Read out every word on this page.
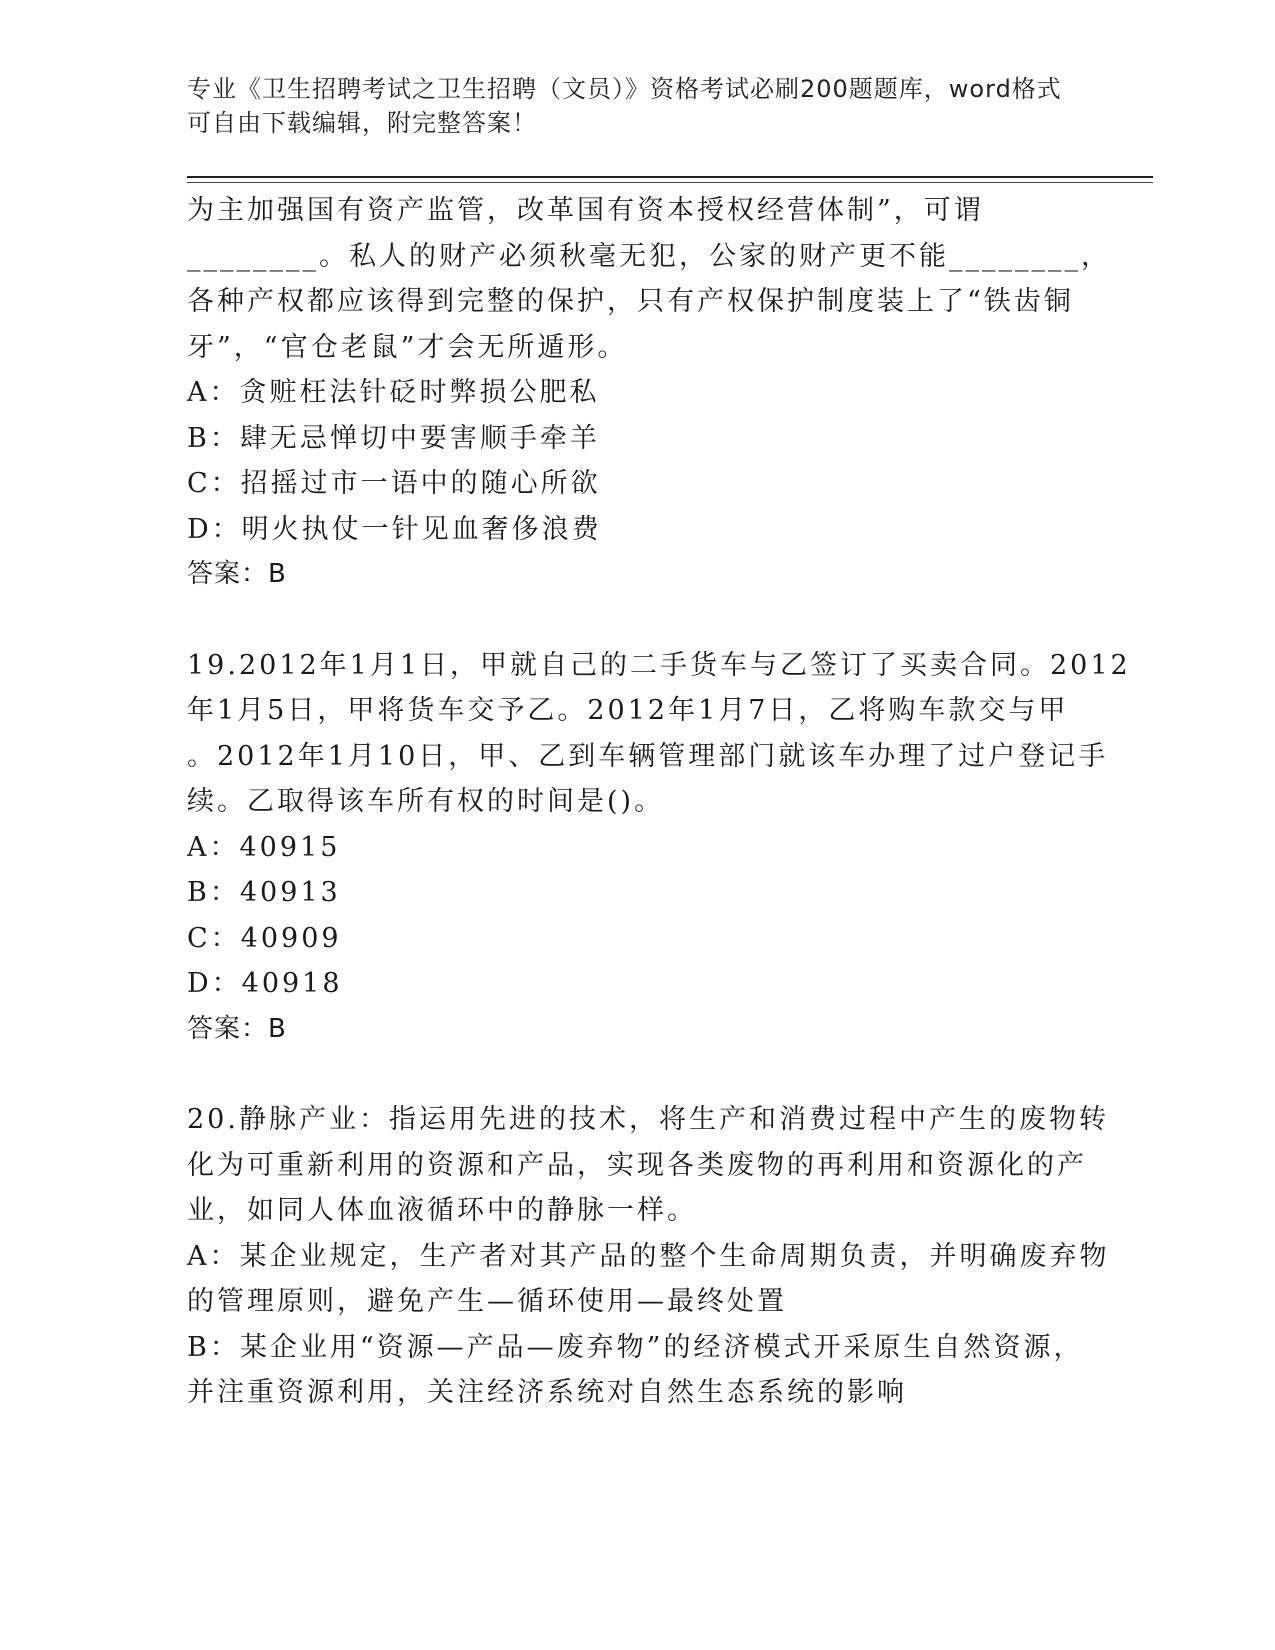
专业《卫生招聘考试之卫生招聘（文员）》资格考试必刷200题题库，word格式
可自由下载编辑，附完整答案！
为主加强国有资产监管，改革国有资本授权经营体制”，可谓
________。私人的财产必须秋毫无犯，公家的财产更不能________，
各种产权都应该得到完整的保护，只有产权保护制度装上了“铁齿铜
牙”，“官仓老鼠”才会无所遁形。
A：贪赃枉法针砭时弊损公肥私
B：肆无忌惮切中要害顺手牵羊
C：招摇过市一语中的随心所欲
D：明火执仗一针见血奢侈浪费
答案：B
19.2012年1月1日，甲就自己的二手货车与乙签订了买卖合同。2012
年1月5日，甲将货车交予乙。2012年1月7日，乙将购车款交与甲
。2012年1月10日，甲、乙到车辆管理部门就该车办理了过户登记手
续。乙取得该车所有权的时间是()。
A：40915
B：40913
C：40909
D：40918
答案：B
20.静脉产业：指运用先进的技术，将生产和消费过程中产生的废物转
化为可重新利用的资源和产品，实现各类废物的再利用和资源化的产
业，如同人体血液循环中的静脉一样。
A：某企业规定，生产者对其产品的整个生命周期负责，并明确废弃物
的管理原则，避免产生—循环使用—最终处置
B：某企业用“资源—产品—废弃物”的经济模式开采原生自然资源，
并注重资源利用，关注经济系统对自然生态系统的影响
